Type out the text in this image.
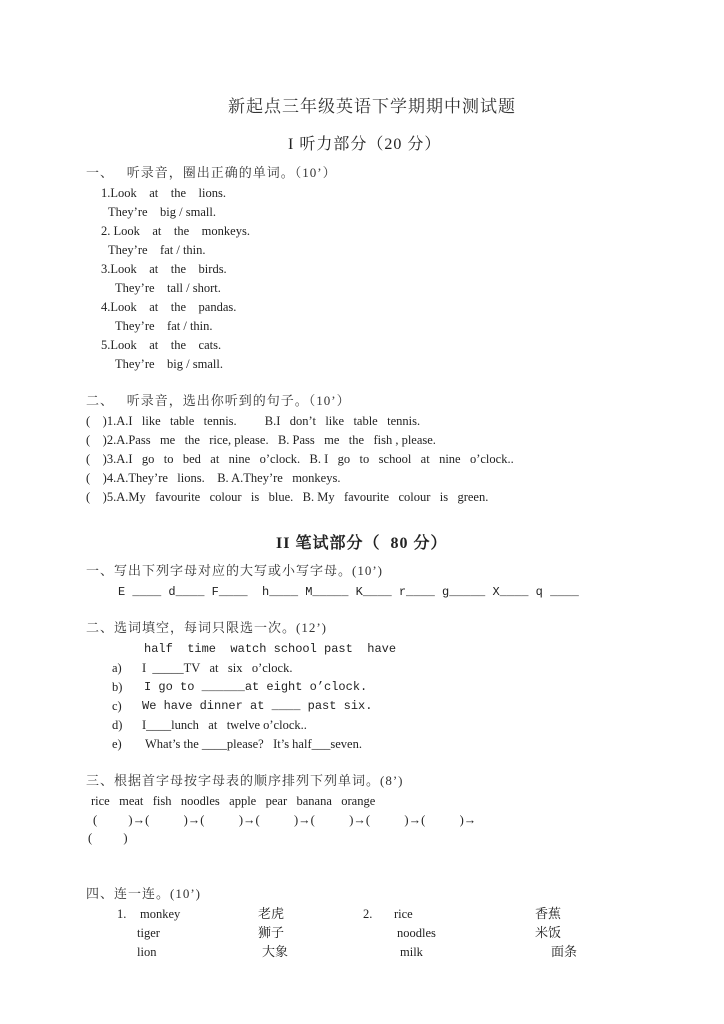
新起点三年级英语下学期期中测试题
I 听力部分（20 分）
一、   听录音，圈出正确的单词。（10’）
1.Look    at    the    lions.
They’re    big / small.
2. Look    at    the    monkeys.
They’re    fat / thin.
3.Look    at    the    birds.
They’re    tall / short.
4.Look    at    the    pandas.
They’re    fat / thin.
5.Look    at    the    cats.
They’re    big / small.
二、   听录音，选出你听到的句子。（10’）
(    )1.A.I   like   table   tennis.         B.I   don’t   like   table   tennis.
(    )2.A.Pass   me   the   rice, please.   B. Pass   me   the   fish , please.
(    )3.A.I   go   to   bed   at   nine   o’clock.   B. I   go   to   school   at   nine   o’clock..
(    )4.A.They’re   lions.    B. A.They’re   monkeys.
(    )5.A.My   favourite   colour   is   blue.   B. My   favourite   colour   is   green.
II 笔试部分（  80 分）
一、写出下列字母对应的大写或小写字母。(10’)
E ____ d____ F____  h____ M_____ K____ r____ g_____ X____ q ____
二、选词填空，每词只限选一次。(12’)
half  time  watch school past  have
a) I  _____TV   at   six   o’clock.
b) I go to ______at eight o’clock.
c) We have dinner at ____ past six.
d) I____lunch   at   twelve o’clock..
e) What’s the ____please?   It’s half___seven.
三、根据首字母按字母表的顺序排列下列单词。(8’)
rice   meat   fish   noodles   apple   pear   banana   orange
(          )→(           )→(           )→(           )→(           )→(           )→(           )→
(          )
四、连一连。(10’)
1. monkey
tiger
lion
老虎
狮子
大象
2. rice
noodles
milk
香蕉
米饭
面条
